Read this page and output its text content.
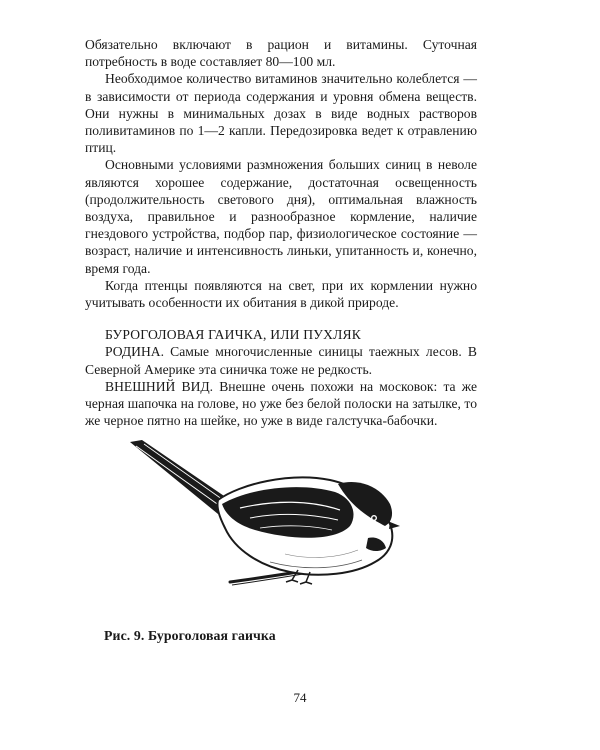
Обязательно включают в рацион и витамины. Суточная потребность в воде составляет 80—100 мл.

Необходимое количество витаминов значительно колеблется — в зависимости от периода содержания и уровня обмена веществ. Они нужны в минимальных дозах в виде водных растворов поливитаминов по 1—2 капли. Передозировка ведет к отравлению птиц.

Основными условиями размножения больших синиц в неволе являются хорошее содержание, достаточная освещенность (продолжительность светового дня), оптимальная влажность воздуха, правильное и разнообразное кормление, наличие гнездового устройства, подбор пар, физиологическое состояние — возраст, наличие и интенсивность линьки, упитанность и, конечно, время года.

Когда птенцы появляются на свет, при их кормлении нужно учитывать особенности их обитания в дикой природе.

БУРОГОЛОВАЯ ГАИЧКА, ИЛИ ПУХЛЯК

РОДИНА. Самые многочисленные синицы таежных лесов. В Северной Америке эта синичка тоже не редкость.

ВНЕШНИЙ ВИД. Внешне очень похожи на московок: та же черная шапочка на голове, но уже без белой полоски на затылке, то же черное пятно на шейке, но уже в виде галстучка-бабочки.

Рис. 9. Буроголовая гаичка
74
